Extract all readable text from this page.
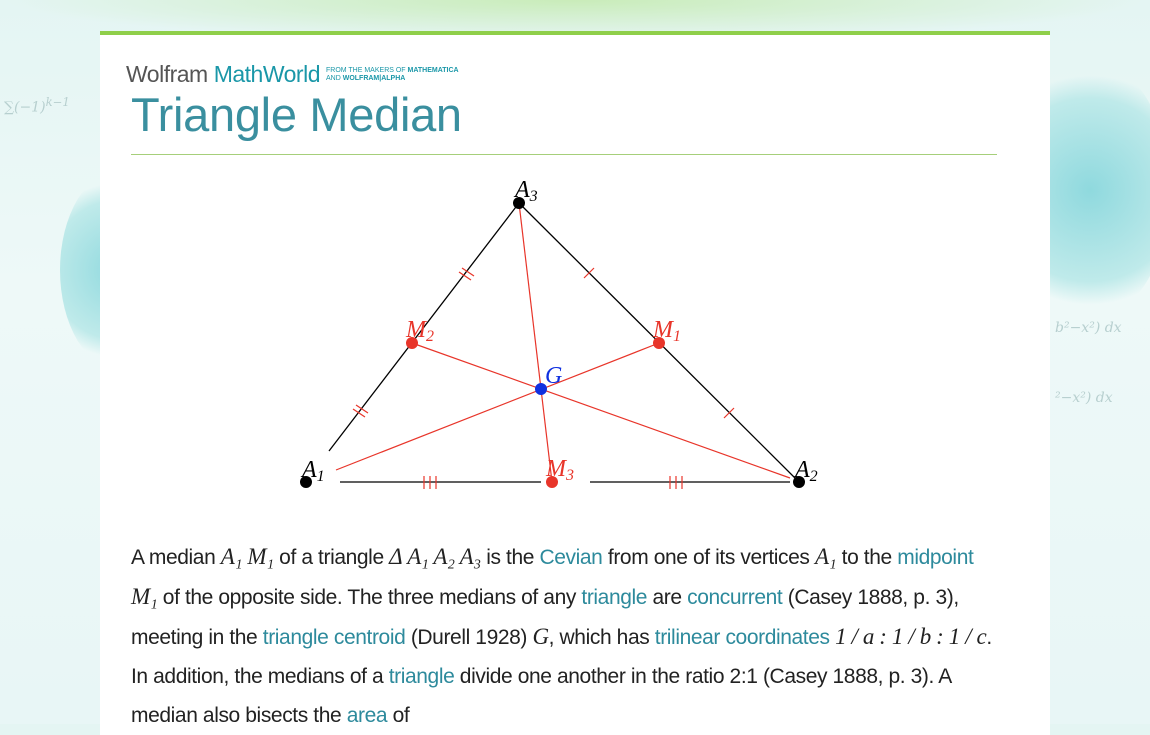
$\sum(-1)^{k-1}$
b²−x²) dx
²−x²) dx
Wolfram MathWorld FROM THE MAKERS OF MATHEMATICA
AND WOLFRAM|ALPHA
Triangle Median
A3
A1	A2
M1
M2
M3
G
A median A₁ M₁ of a triangle Δ A₁ A₂ A₃ is the Cevian from one of its vertices A₁ to the midpoint M₁ of the opposite side. The three medians of any triangle are concurrent (Casey 1888, p. 3), meeting in the triangle centroid (Durell 1928) G, which has trilinear coordinates 1 / a : 1 / b : 1 / c. In addition, the medians of a triangle divide one another in the ratio 2:1 (Casey 1888, p. 3). A median also bisects the area of
